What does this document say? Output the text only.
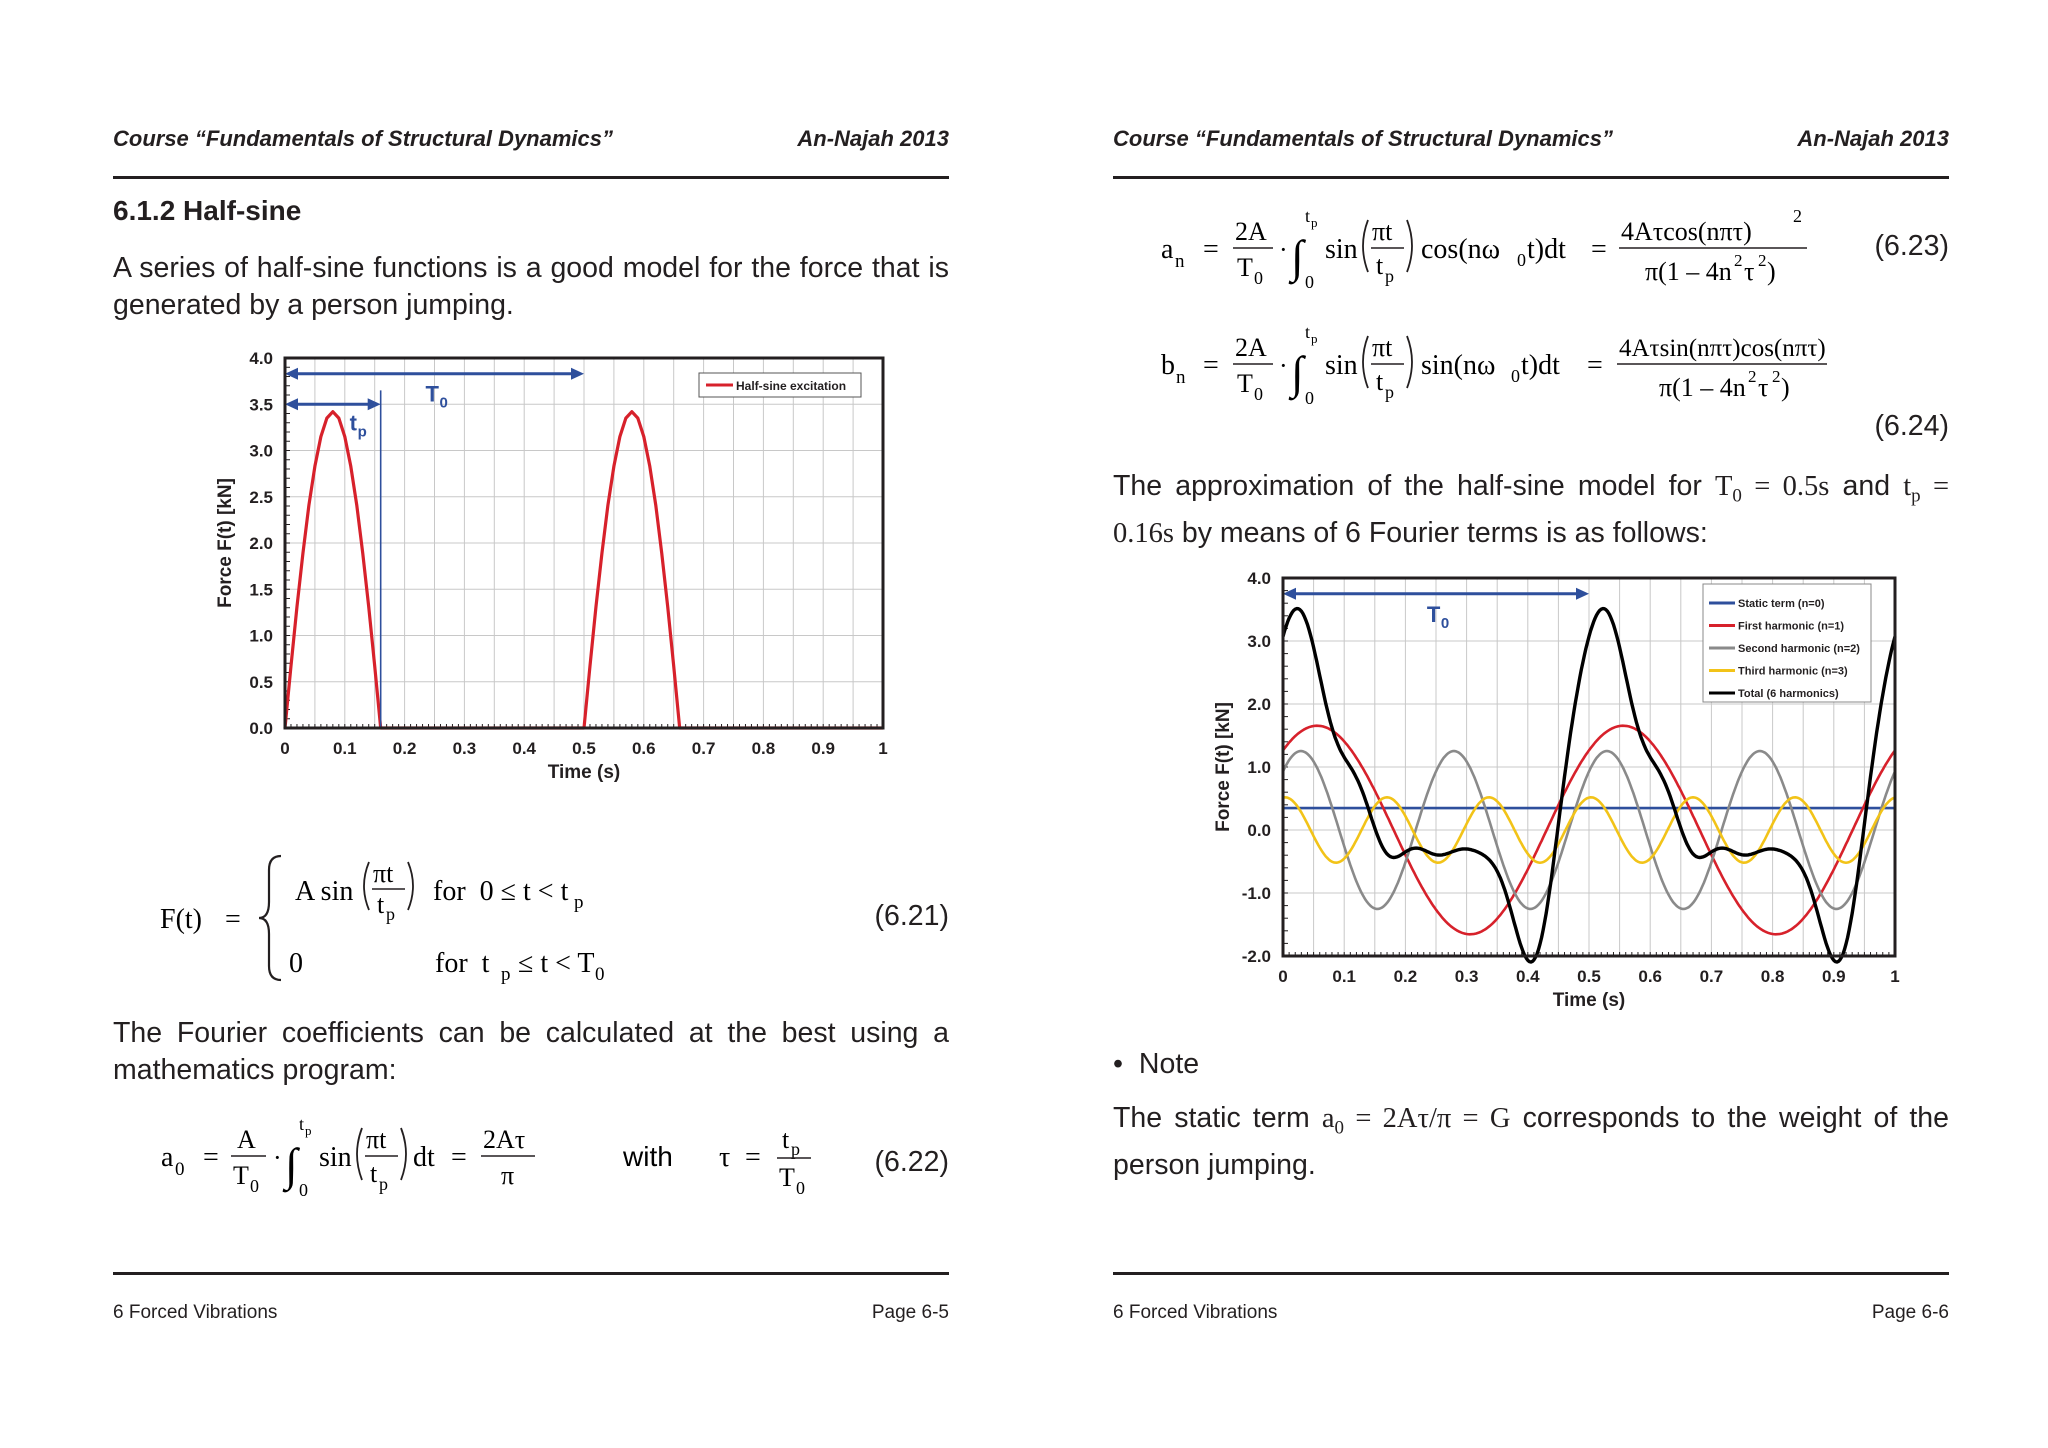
Course “Fundamentals of Structural Dynamics”	An-Najah 2013
6.1.2 Half-sine
A series of half-sine functions is a good model for the force that is generated by a person jumping.
0	0.1 0.2 0.3 0.4 0.5 0.6 0.7 0.8 0.9	1
0.0
0.5
1.0
1.5
2.0
2.5
3.0
3.5
4.0
Time (s)
Force F(t) [kN]
T 0
t p
Half-sine excitation
F(t) =
A sin
πt
t p
for  0 ≤ t < t p
0	for  t p ≤ t < T 0
(6.21)
The Fourier coefficients can be calculated at the best using a mathematics program:
a 0 =
A
T 0
· ∫
t p
0
sin
πt
t p
dt =
2Aτ
π
with τ =
t p
T 0
(6.22)
6 Forced Vibrations	Page 6-5
Course “Fundamentals of Structural Dynamics”	An-Najah 2013
a n =
2A
T 0
· ∫
t p
0
sin
πt
t p
cos(nω 0 t)dt =
4Aτcos(nπτ)
2
π(1 – 4n 2 τ 2 )
(6.23)
b n =
2A
T 0
· ∫
t p
0
sin
πt
t p
sin(nω 0 t)dt =
4Aτsin(nπτ)cos(nπτ)
π(1 – 4n 2 τ 2 )
(6.24)
The approximation of the half-sine model for $T_0 = 0.5s$ and $t_p = 0.16s$ by means of 6 Fourier terms is as follows:
0	0.1 0.2 0.3 0.4 0.5 0.6 0.7 0.8 0.9	1
-2.0
-1.0
0.0
1.0
2.0
3.0
4.0
Time (s)
Force F(t) [kN]
T 0
Static term (n=0)
First harmonic (n=1)
Second harmonic (n=2)
Third harmonic (n=3)
Total (6 harmonics)
• Note
The static term $a_0 = 2A\tau/\pi = G$ corresponds to the weight of the person jumping.
6 Forced Vibrations	Page 6-6
